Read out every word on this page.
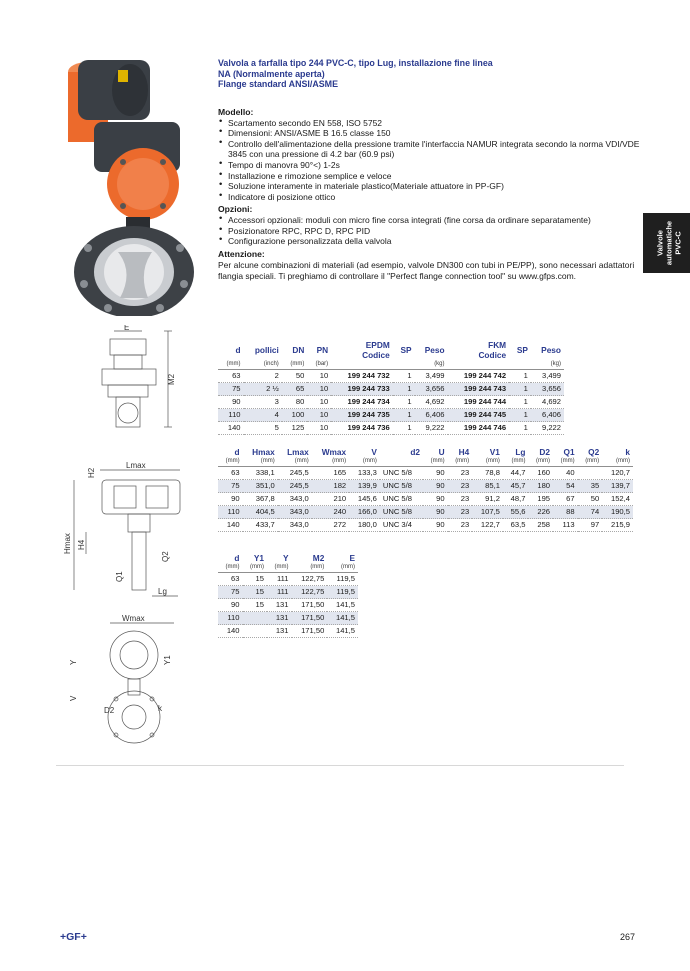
E
M2
Lmax
H2
Hmax H4
Q1
Q2
Lg
Wmax
Y	Y1
V
D2	k
Valvola a farfalla tipo 244 PVC-C, tipo Lug, installazione fine linea
NA (Normalmente aperta)
Flange standard ANSI/ASME
Modello:
• Scartamento secondo EN 558, ISO 5752
• Dimensioni: ANSI/ASME B 16.5 classe 150
• Controllo dell'alimentazione della pressione tramite l'interfaccia NAMUR integrata secondo la norma VDI/VDE 3845 con una pressione di 4.2 bar (60.9 psi)
• Tempo di manovra 90°<) 1-2s
• Installazione e rimozione semplice e veloce
• Soluzione interamente in materiale plastico(Materiale attuatore in PP-GF)
• Indicatore di posizione ottico
Opzioni:
• Accessori opzionali: moduli con micro fine corsa integrati (fine corsa da ordinare separatamente)
• Posizionatore RPC, RPC D, RPC PID
• Configurazione personalizzata della valvola
Attenzione:

Per alcune combinazioni di materiali (ad esempio, valvole DN300 con tubi in PE/PP), sono necessari adattatori flangia speciali. Ti preghiamo di controllare il "Perfect flange connection tool" su www.gfps.com.

Valvole
automatiche
PVC-C
d	pollici	DN	PN	EPDM
Codice	SP	Peso	FKM
Codice	SP	Peso
(mm)	(inch)	(mm)	(bar)			(kg)			(kg)
63	2	50	10	199 244 732	1	3,499	199 244 742	1	3,499
75	2 ½	65	10	199 244 733	1	3,656	199 244 743	1	3,656
90	3	80	10	199 244 734	1	4,692	199 244 744	1	4,692
110	4	100	10	199 244 735	1	6,406	199 244 745	1	6,406
140	5	125	10	199 244 736	1	9,222	199 244 746	1	9,222
d	Hmax	Lmax	Wmax	V	d2	U	H4	V1	Lg	D2	Q1	Q2	k
(mm)	(mm)	(mm)	(mm)	(mm)		(mm)	(mm)	(mm)	(mm)	(mm)	(mm)	(mm)	(mm)
63	338,1	245,5	165	133,3	UNC 5/8	90	23	78,8	44,7	160	40		120,7
75	351,0	245,5	182	139,9	UNC 5/8	90	23	85,1	45,7	180	54	35	139,7
90	367,8	343,0	210	145,6	UNC 5/8	90	23	91,2	48,7	195	67	50	152,4
110	404,5	343,0	240	166,0	UNC 5/8	90	23	107,5	55,6	226	88	74	190,5
140	433,7	343,0	272	180,0	UNC 3/4	90	23	122,7	63,5	258	113	97	215,9
d	Y1	Y	M2	E
(mm)	(mm)	(mm)	(mm)	(mm)
63	15	111	122,75	119,5
75	15	111	122,75	119,5
90	15	131	171,50	141,5
110		131	171,50	141,5
140		131	171,50	141,5
+GF+	267
